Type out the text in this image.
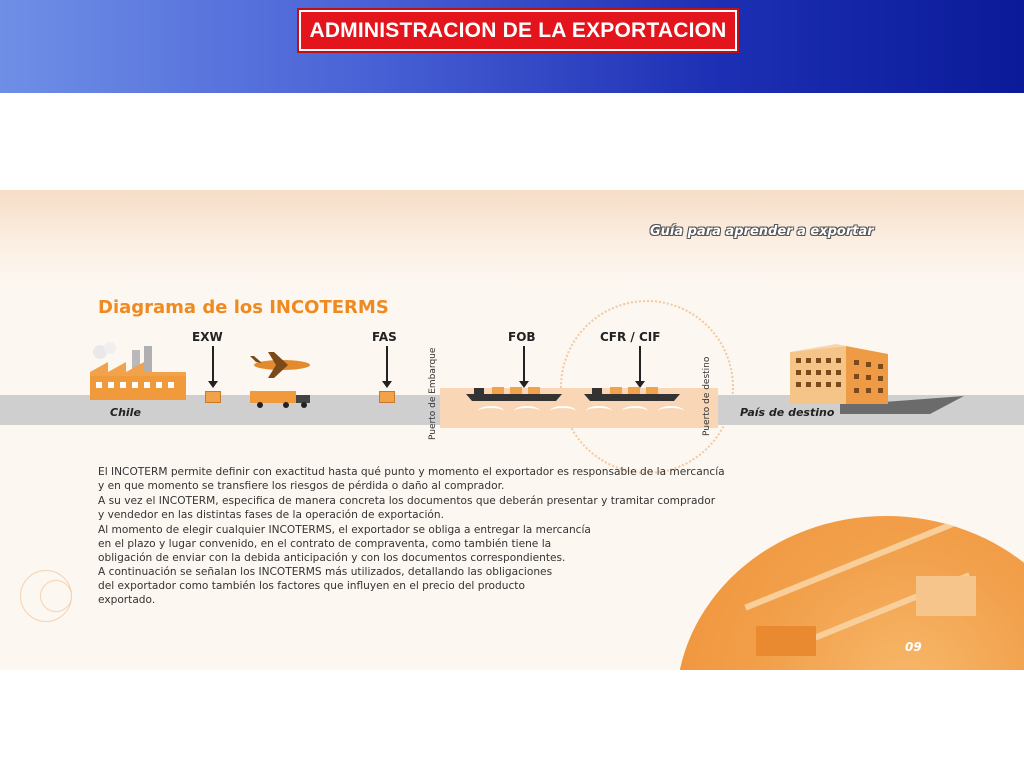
ADMINISTRACION DE LA EXPORTACION
Guía para aprender a exportar
Diagrama de los INCOTERMS
Chile
EXW	FAS
Puerto de Embarque
FOB	CFR / CIF
Puerto de destino	País de destino
09
El INCOTERM permite definir con exactitud hasta qué punto y momento el exportador es responsable de la mercancía
y en que momento se transfiere los riesgos de pérdida o daño al comprador.
A su vez el INCOTERM, especifica de manera concreta los documentos que deberán presentar y tramitar comprador
y vendedor en las distintas fases de la operación de exportación.
Al momento de elegir cualquier INCOTERMS, el exportador se obliga a entregar la mercancía
en el plazo y lugar convenido, en el contrato de compraventa, como también tiene la
obligación de enviar con la debida anticipación y con los documentos correspondientes.
A continuación se señalan los INCOTERMS más utilizados, detallando las obligaciones
del exportador como también los factores que influyen en el precio del producto
exportado.
